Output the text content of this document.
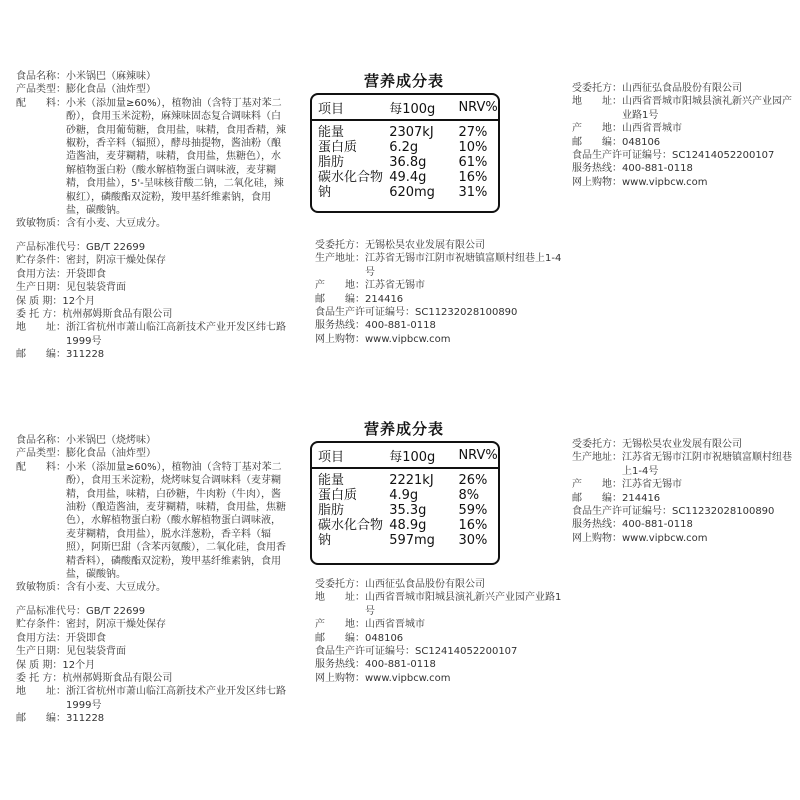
食品名称： 小米锅巴（麻辣味）
产品类型： 膨化食品（油炸型）
配　　料： 小米（添加量≥60%），植物油（含特丁基对苯二酚），食用玉米淀粉，麻辣味固态复合调味料（白砂糖，食用葡萄糖，食用盐，味精，食用香精，辣椒粉，香辛料（辐照），酵母抽提物，酱油粉（酿造酱油，麦芽糊精，味精，食用盐，焦糖色），水解植物蛋白粉（酸水解植物蛋白调味液，麦芽糊精，食用盐），5'-呈味核苷酸二钠，二氧化硅，辣椒红），磷酸酯双淀粉，羧甲基纤维素钠，食用盐，碳酸钠。
致敏物质： 含有小麦、大豆成分。
产品标准代号： GB/T 22699
贮存条件： 密封，阴凉干燥处保存
食用方法： 开袋即食
生产日期： 见包装袋背面
保 质 期： 12个月
委 托 方： 杭州郝姆斯食品有限公司
地　　址： 浙江省杭州市萧山临江高新技术产业开发区纬七路1999号
邮　　编： 311228
营养成分表
项目	每100g	NRV%
能量	2307kJ	27%
蛋白质	6.2g	10%
脂肪	36.8g	61%
碳水化合物 49.4g	16%
钠	620mg	31%
受委托方： 无锡松昊农业发展有限公司
生产地址： 江苏省无锡市江阴市祝塘镇富顺村纽巷上1-4号
产　　地： 江苏省无锡市
邮　　编： 214416
食品生产许可证编号： SC11232028100890
服务热线： 400-881-0118
网上购物： www.vipbcw.com
受委托方： 山西征弘食品股份有限公司
地　　址： 山西省晋城市阳城县演礼新兴产业园产业路1号
产　　地： 山西省晋城市
邮　　编： 048106
食品生产许可证编号： SC12414052200107
服务热线： 400-881-0118
网上购物： www.vipbcw.com
食品名称： 小米锅巴（烧烤味）
产品类型： 膨化食品（油炸型）
配　　料： 小米（添加量≥60%），植物油（含特丁基对苯二酚），食用玉米淀粉，烧烤味复合调味料（麦芽糊精，食用盐，味精，白砂糖，牛肉粉（牛肉），酱油粉（酿造酱油，麦芽糊精，味精，食用盐，焦糖色），水解植物蛋白粉（酸水解植物蛋白调味液，麦芽糊精，食用盐），脱水洋葱粉，香辛料（辐照），阿斯巴甜（含苯丙氨酸），二氧化硅，食用香精香料），磷酸酯双淀粉，羧甲基纤维素钠，食用盐，碳酸钠。
致敏物质： 含有小麦、大豆成分。
产品标准代号： GB/T 22699
贮存条件： 密封，阴凉干燥处保存
食用方法： 开袋即食
生产日期： 见包装袋背面
保 质 期： 12个月
委 托 方： 杭州郝姆斯食品有限公司
地　　址： 浙江省杭州市萧山临江高新技术产业开发区纬七路1999号
邮　　编： 311228
营养成分表
项目	每100g	NRV%
能量	2221kJ	26%
蛋白质	4.9g	8%
脂肪	35.3g	59%
碳水化合物 48.9g	16%
钠	597mg	30%
受委托方： 山西征弘食品股份有限公司
地　　址： 山西省晋城市阳城县演礼新兴产业园产业路1号
产　　地： 山西省晋城市
邮　　编： 048106
食品生产许可证编号： SC12414052200107
服务热线： 400-881-0118
网上购物： www.vipbcw.com
受委托方： 无锡松昊农业发展有限公司
生产地址： 江苏省无锡市江阴市祝塘镇富顺村纽巷上1-4号
产　　地： 江苏省无锡市
邮　　编： 214416
食品生产许可证编号： SC11232028100890
服务热线： 400-881-0118
网上购物： www.vipbcw.com
